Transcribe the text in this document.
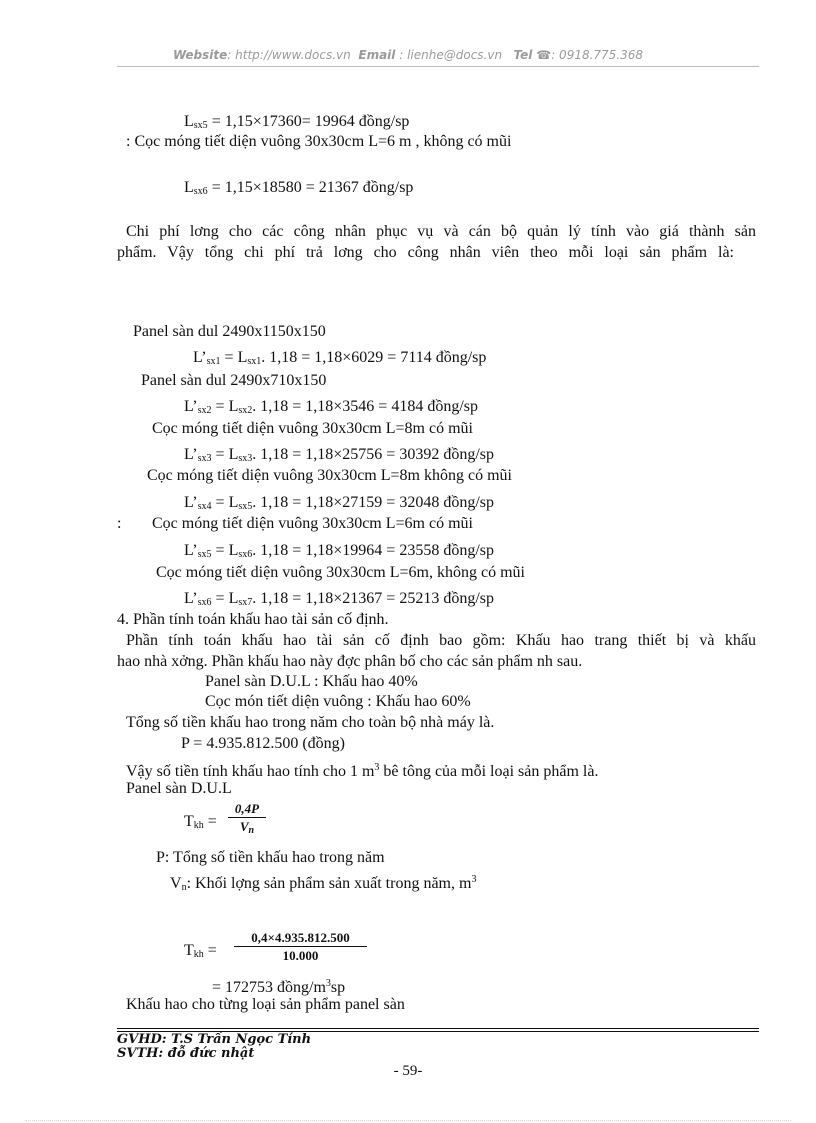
Website: http://www.docs.vn Email : lienhe@docs.vn Tel ☎: 0918.775.368
$L_{sx5} = 1,15\times 17360= 19964$ đồng/sp
: Cọc móng tiết diện vuông 30x30cm L=6 m , không có mũi
$L_{sx6} = 1,15\times 18580 = 21367$ đồng/sp
Chi phí lơng cho các công nhân phục vụ và cán bộ quản lý tính vào giá thành sản
phẩm. Vậy tổng chi phí trả lơng cho công nhân viên theo mỗi loại sản phẩm là:
Panel sàn dul 2490x1150x150
$L’_{sx1} = L_{sx1}$. 1,18 = 1,18×6029 = 7114 đồng/sp
Panel sàn dul 2490x710x150
$L’_{sx2} = L_{sx2}$. 1,18 = 1,18×3546 = 4184 đồng/sp
Cọc móng tiết diện vuông 30x30cm L=8m có mũi
$L’_{sx3} = L_{sx3}$. 1,18 = 1,18×25756 = 30392 đồng/sp
Cọc móng tiết diện vuông 30x30cm L=8m không có mũi
$L’_{sx4} = L_{sx5}$. 1,18 = 1,18×27159 = 32048 đồng/sp
: Cọc móng tiết diện vuông 30x30cm L=6m có mũi
$L’_{sx5} = L_{sx6}$. 1,18 = 1,18×19964 = 23558 đồng/sp
Cọc móng tiết diện vuông 30x30cm L=6m, không có mũi
$L’_{sx6} = L_{sx7}$. 1,18 = 1,18×21367 = 25213 đồng/sp
4. Phần tính toán khấu hao tài sản cố định.
Phần tính toán khấu hao tài sản cố định bao gồm: Khấu hao trang thiết bị và khấu
hao nhà xởng. Phần khấu hao này đợc phân bố cho các sản phẩm nh sau.
Panel sàn D.U.L : Khấu hao 40%
Cọc món tiết diện vuông : Khấu hao 60%
Tổng số tiền khấu hao trong năm cho toàn bộ nhà máy là.
P = 4.935.812.500 (đồng)
Vậy số tiền tính khấu hao tính cho 1 $m^3$ bê tông của mỗi loại sản phẩm là.
Panel sàn D.U.L
$T_{kh}$ =
0,4P
$V_n$
P: Tổng số tiền khấu hao trong năm
$V_n$: Khối lợng sản phẩm sản xuất trong năm, $m^3$
$T_{kh}$ =
0,4×4.935.812.500
10.000
= 172753 đồng/$m^3sp$
Khấu hao cho từng loại sản phẩm panel sàn
GVHD: T.S Trần Ngọc Tính
SVTH: đỗ đức nhật
- 59-
